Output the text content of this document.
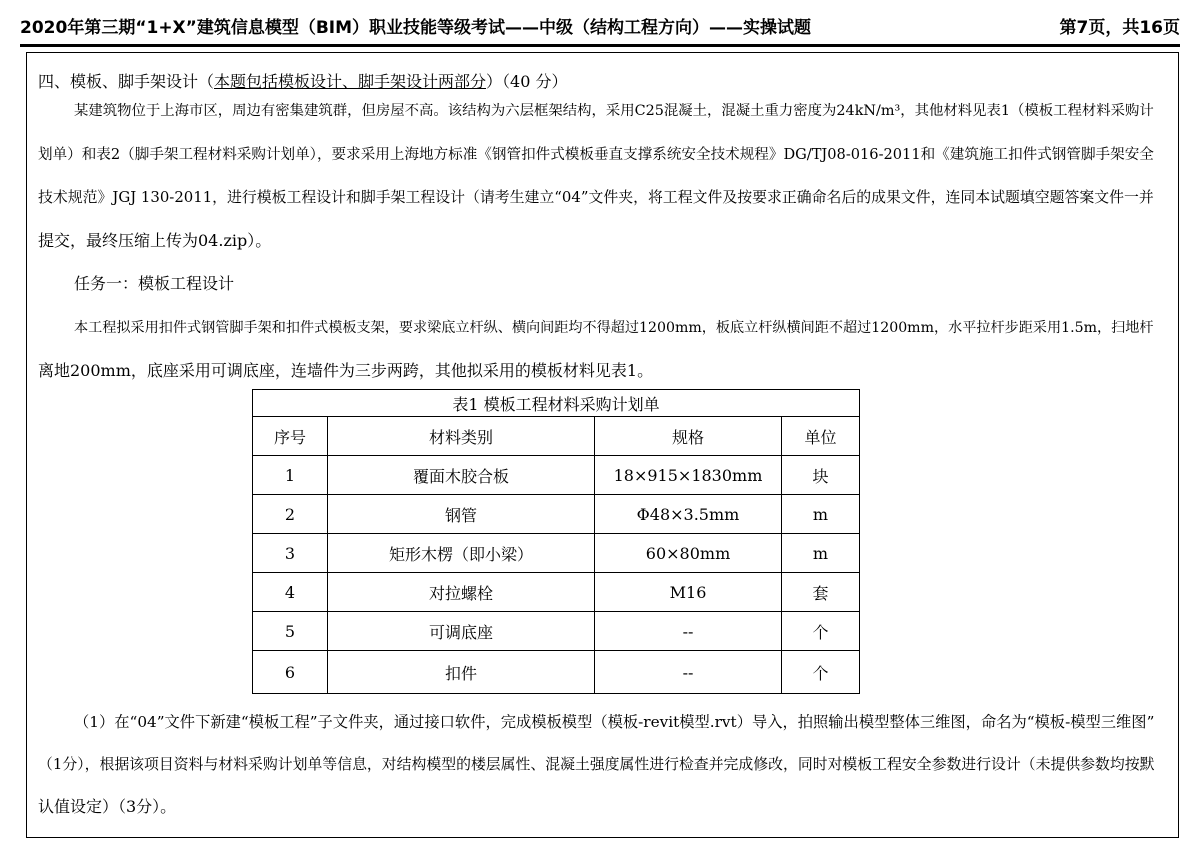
2020年第三期“1+X”建筑信息模型（BIM）职业技能等级考试——中级（结构工程方向）——实操试题	第7页，共16页
四、模板、脚手架设计（本题包括模板设计、脚手架设计两部分）（40 分）
某建筑物位于上海市区，周边有密集建筑群，但房屋不高。该结构为六层框架结构，采用C25混凝土，混凝土重力密度为24kN/m³，其他材料见表1（模板工程材料采购计
划单）和表2（脚手架工程材料采购计划单），要求采用上海地方标准《钢管扣件式模板垂直支撑系统安全技术规程》DG/TJ08-016-2011和《建筑施工扣件式钢管脚手架安全
技术规范》JGJ 130-2011，进行模板工程设计和脚手架工程设计（请考生建立“04”文件夹，将工程文件及按要求正确命名后的成果文件，连同本试题填空题答案文件一并
提交，最终压缩上传为04.zip）。
任务一：模板工程设计
本工程拟采用扣件式钢管脚手架和扣件式模板支架，要求梁底立杆纵、横向间距均不得超过1200mm，板底立杆纵横间距不超过1200mm，水平拉杆步距采用1.5m，扫地杆
离地200mm，底座采用可调底座，连墙件为三步两跨，其他拟采用的模板材料见表1。
表1 模板工程材料采购计划单			
序号	材料类别	规格	单位
1	覆面木胶合板	18×915×1830mm	块
2	钢管	Φ48×3.5mm	m
3	矩形木楞（即小梁）	60×80mm	m
4	对拉螺栓	M16	套
5	可调底座	--	个
6	扣件	--	个
（1）在“04”文件下新建“模板工程”子文件夹，通过接口软件，完成模板模型（模板-revit模型.rvt）导入，拍照输出模型整体三维图，命名为“模板-模型三维图”
（1分），根据该项目资料与材料采购计划单等信息，对结构模型的楼层属性、混凝土强度属性进行检查并完成修改，同时对模板工程安全参数进行设计（未提供参数均按默
认值设定）（3分）。
